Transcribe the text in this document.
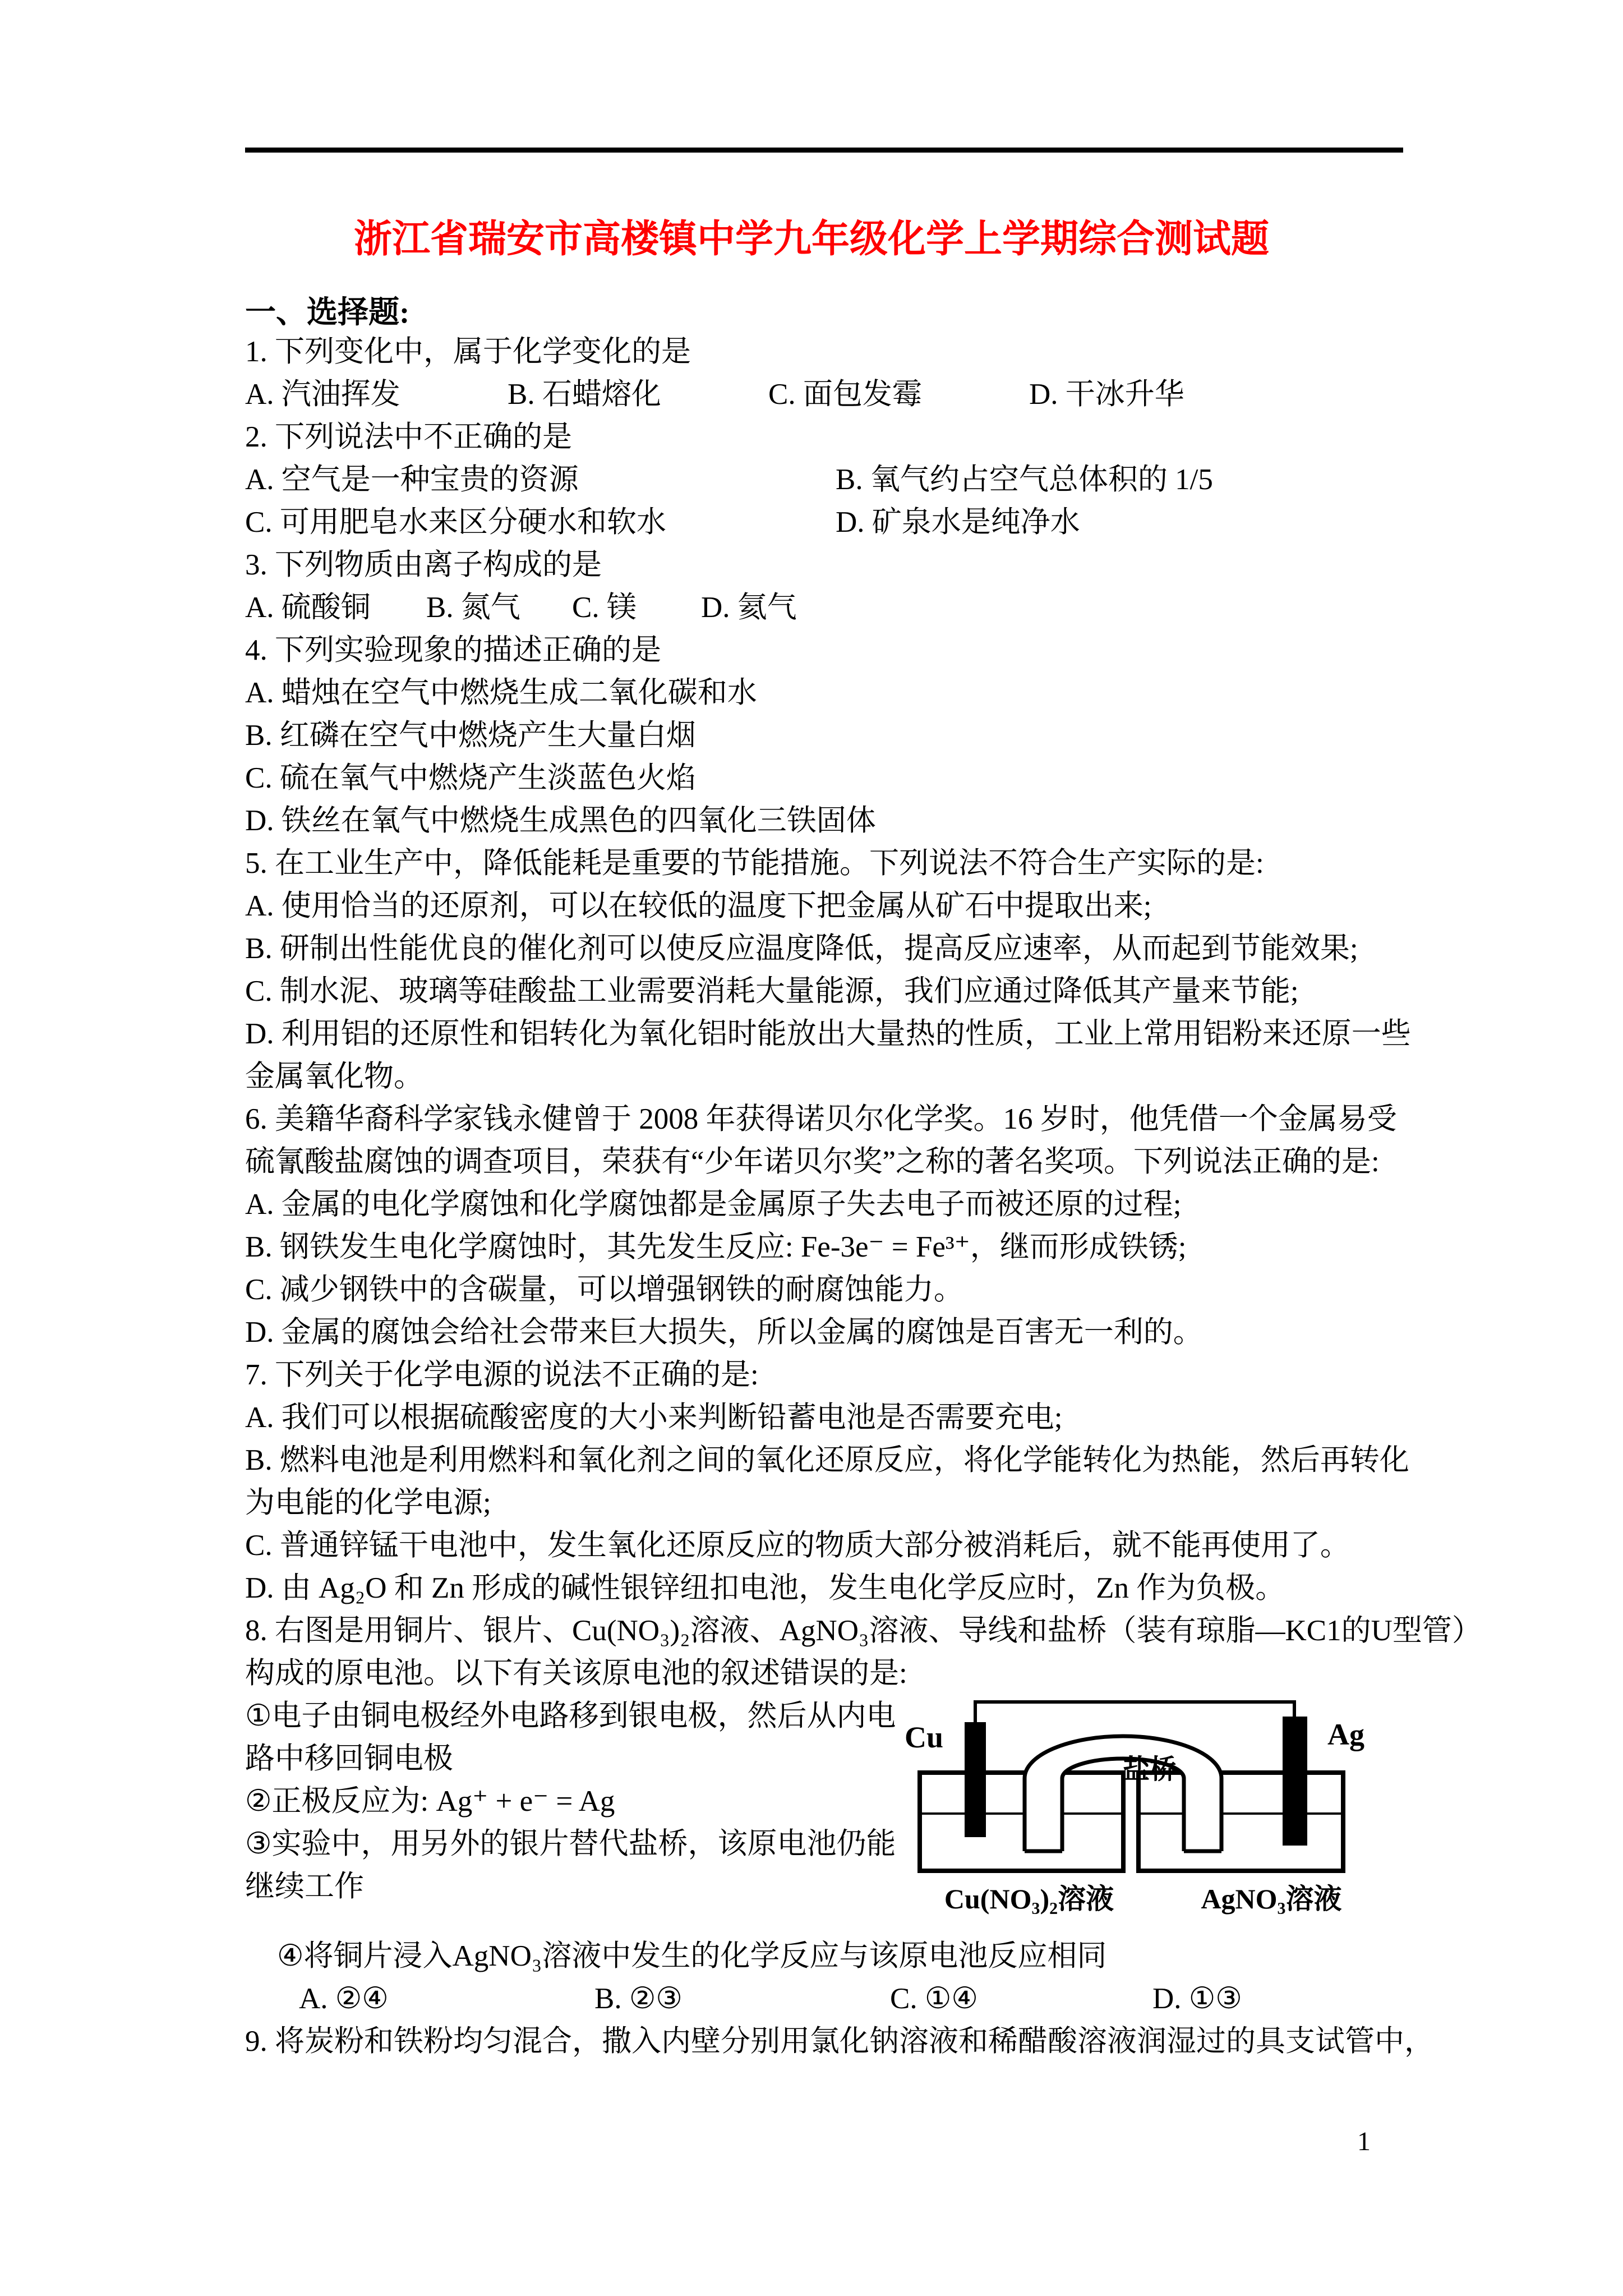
浙江省瑞安市高楼镇中学九年级化学上学期综合测试题
一、选择题:
1. 下列变化中，属于化学变化的是
A. 汽油挥发	B. 石蜡熔化	C. 面包发霉	D. 干冰升华
2. 下列说法中不正确的是
A. 空气是一种宝贵的资源	B. 氧气约占空气总体积的 1/5
C. 可用肥皂水来区分硬水和软水	D. 矿泉水是纯净水
3. 下列物质由离子构成的是
A. 硫酸铜 B. 氮气 C. 镁 D. 氦气
4. 下列实验现象的描述正确的是
A. 蜡烛在空气中燃烧生成二氧化碳和水
B. 红磷在空气中燃烧产生大量白烟
C. 硫在氧气中燃烧产生淡蓝色火焰
D. 铁丝在氧气中燃烧生成黑色的四氧化三铁固体
5. 在工业生产中，降低能耗是重要的节能措施。下列说法不符合生产实际的是:
A. 使用恰当的还原剂，可以在较低的温度下把金属从矿石中提取出来;
B. 研制出性能优良的催化剂可以使反应温度降低，提高反应速率，从而起到节能效果;
C. 制水泥、玻璃等硅酸盐工业需要消耗大量能源，我们应通过降低其产量来节能;
D. 利用铝的还原性和铝转化为氧化铝时能放出大量热的性质，工业上常用铝粉来还原一些
金属氧化物。
6. 美籍华裔科学家钱永健曾于 2008 年获得诺贝尔化学奖。16 岁时，他凭借一个金属易受
硫氰酸盐腐蚀的调查项目，荣获有“少年诺贝尔奖”之称的著名奖项。下列说法正确的是:
A. 金属的电化学腐蚀和化学腐蚀都是金属原子失去电子而被还原的过程;
B. 钢铁发生电化学腐蚀时，其先发生反应: Fe-3e⁻ = Fe³⁺，继而形成铁锈;
C. 减少钢铁中的含碳量，可以增强钢铁的耐腐蚀能力。
D. 金属的腐蚀会给社会带来巨大损失，所以金属的腐蚀是百害无一利的。
7. 下列关于化学电源的说法不正确的是:
A. 我们可以根据硫酸密度的大小来判断铅蓄电池是否需要充电;
B. 燃料电池是利用燃料和氧化剂之间的氧化还原反应，将化学能转化为热能，然后再转化
为电能的化学电源;
C. 普通锌锰干电池中，发生氧化还原反应的物质大部分被消耗后，就不能再使用了。
D. 由 Ag₂O 和 Zn 形成的碱性银锌纽扣电池，发生电化学反应时，Zn 作为负极。
8. 右图是用铜片、银片、Cu(NO₃)₂溶液、AgNO₃溶液、导线和盐桥（装有琼脂—KC1的U型管）
构成的原电池。以下有关该原电池的叙述错误的是:
①电子由铜电极经外电路移到银电极，然后从内电
路中移回铜电极
②正极反应为: Ag⁺ + e⁻ = Ag
③实验中，用另外的银片替代盐桥，该原电池仍能
继续工作
④将铜片浸入AgNO₃溶液中发生的化学反应与该原电池反应相同
A. ②④	B. ②③	C. ①④	D. ①③
9. 将炭粉和铁粉均匀混合，撒入内壁分别用氯化钠溶液和稀醋酸溶液润湿过的具支试管中，
Cu	Ag
盐桥
Cu(NO₃)₂溶液	AgNO₃溶液
1
